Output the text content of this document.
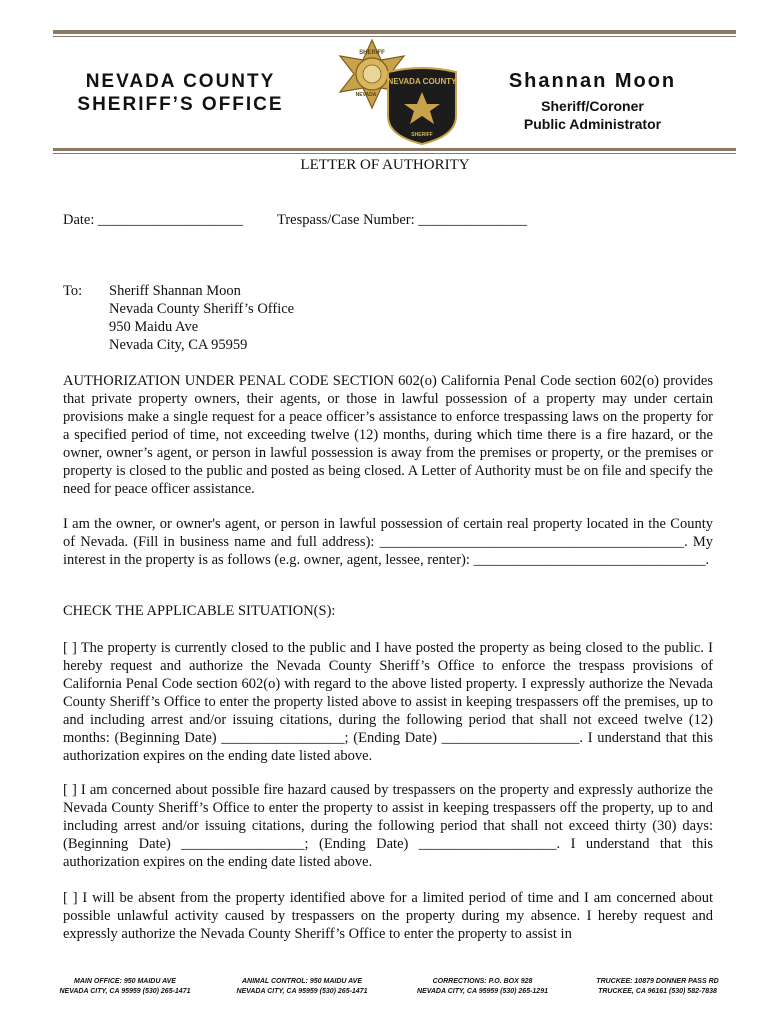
NEVADA COUNTY
SHERIFF’S OFFICE
SHERIFF
NEVADA
NEVADA COUNTY
SHERIFF
Shannan Moon
Sheriff/Coroner
Public Administrator
LETTER OF AUTHORITY
Date: ____________________ Trespass/Case Number: _______________
To: Sheriff Shannan Moon
Nevada County Sheriff’s Office
950 Maidu Ave
Nevada City, CA 95959
AUTHORIZATION UNDER PENAL CODE SECTION 602(o) California Penal Code section 602(o) provides that private property owners, their agents, or those in lawful possession of a property may under certain provisions make a single request for a peace officer’s assistance to enforce trespassing laws on the property for a specified period of time, not exceeding twelve (12) months, during which time there is a fire hazard, or the owner, owner’s agent, or person in lawful possession is away from the premises or property, or the premises or property is closed to the public and posted as being closed. A Letter of Authority must be on file and specify the need for peace officer assistance.
I am the owner, or owner's agent, or person in lawful possession of certain real property located in the County of Nevada. (Fill in business name and full address): __________________________________________. My interest in the property is as follows (e.g. owner, agent, lessee, renter): ________________________________.
CHECK THE APPLICABLE SITUATION(S):
[ ] The property is currently closed to the public and I have posted the property as being closed to the public. I hereby request and authorize the Nevada County Sheriff’s Office to enforce the trespass provisions of California Penal Code section 602(o) with regard to the above listed property. I expressly authorize the Nevada County Sheriff’s Office to enter the property listed above to assist in keeping trespassers off the premises, up to and including arrest and/or issuing citations, during the following period that shall not exceed twelve (12) months: (Beginning Date) _________________; (Ending Date) ___________________. I understand that this authorization expires on the ending date listed above.
[ ] I am concerned about possible fire hazard caused by trespassers on the property and expressly authorize the Nevada County Sheriff’s Office to enter the property to assist in keeping trespassers off the property, up to and including arrest and/or issuing citations, during the following period that shall not exceed thirty (30) days: (Beginning Date) _________________; (Ending Date) ___________________. I understand that this authorization expires on the ending date listed above.
[ ] I will be absent from the property identified above for a limited period of time and I am concerned about possible unlawful activity caused by trespassers on the property during my absence. I hereby request and expressly authorize the Nevada County Sheriff’s Office to enter the property to assist in
MAIN OFFICE: 950 MAIDU AVE
NEVADA CITY, CA 95959 (530) 265-1471
ANIMAL CONTROL: 950 MAIDU AVE
NEVADA CITY, CA 95959 (530) 265-1471
CORRECTIONS: P.O. BOX 928
NEVADA CITY, CA 95959 (530) 265-1291
TRUCKEE: 10879 DONNER PASS RD
TRUCKEE, CA 96161 (530) 582-7838
